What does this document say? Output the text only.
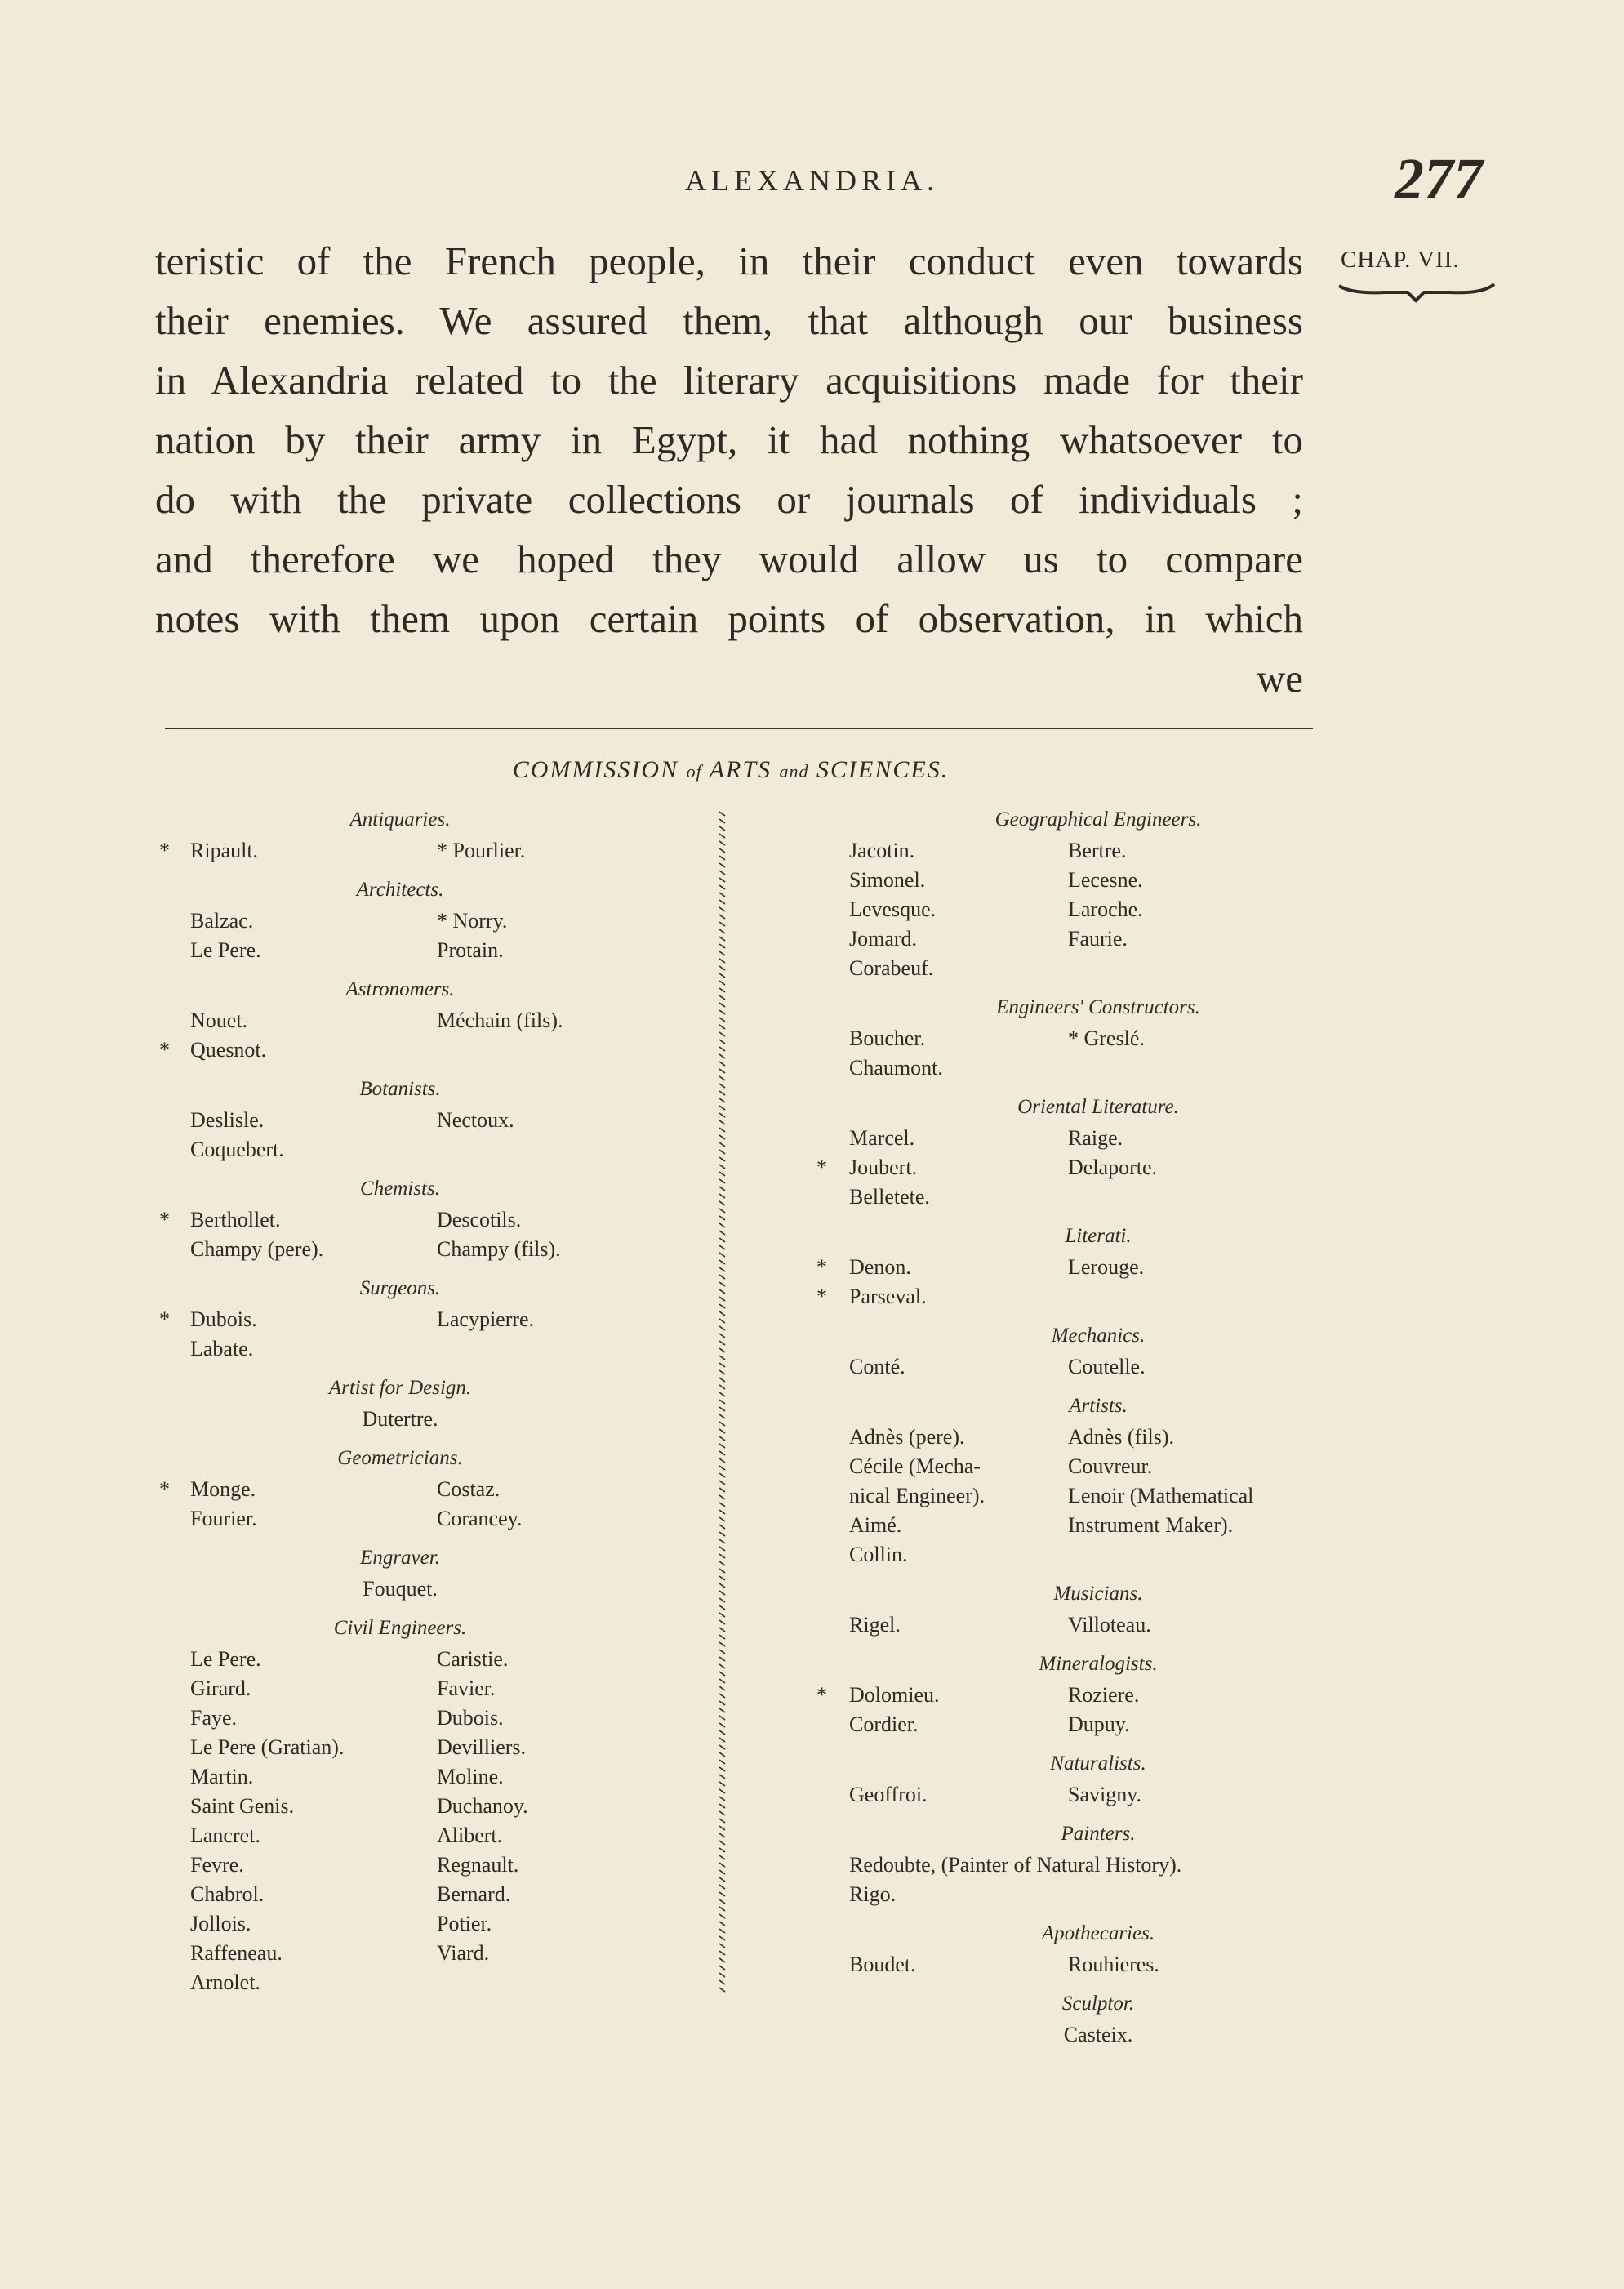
ALEXANDRIA.	277
CHAP. VII.
teristic of the French people, in their conduct even towards
their enemies. We assured them, that although our business
in Alexandria related to the literary acquisitions made for their
nation by their army in Egypt, it had nothing whatsoever to
do with the private collections or journals of individuals ;
and therefore we hoped they would allow us to compare
notes with them upon certain points of observation, in which
we
COMMISSION of ARTS and SCIENCES.
Antiquaries.
* Ripault.	* Pourlier.
Architects.
Balzac.	* Norry.
Le Pere.	Protain.
Astronomers.
Nouet.	Méchain (fils).
* Quesnot.
Botanists.
Deslisle.	Nectoux.
Coquebert.
Chemists.
* Berthollet.	Descotils.
Champy (pere).	Champy (fils).
Surgeons.
* Dubois.	Lacypierre.
Labate.
Artist for Design.
Dutertre.
Geometricians.
* Monge.	Costaz.
Fourier.	Corancey.
Engraver.
Fouquet.
Civil Engineers.
Le Pere.	Caristie.
Girard.	Favier.
Faye.	Dubois.
Le Pere (Gratian).	Devilliers.
Martin.	Moline.
Saint Genis.	Duchanoy.
Lancret.	Alibert.
Fevre.	Regnault.
Chabrol.	Bernard.
Jollois.	Potier.
Raffeneau.	Viard.
Arnolet.
Geographical Engineers.
Jacotin.	Bertre.
Simonel.	Lecesne.
Levesque.	Laroche.
Jomard.	Faurie.
Corabeuf.
Engineers' Constructors.
Boucher.	* Greslé.
Chaumont.
Oriental Literature.
Marcel.	Raige.
* Joubert.	Delaporte.
Belletete.
Literati.
* Denon.	Lerouge.
* Parseval.
Mechanics.
Conté.	Coutelle.
Artists.
Adnès (pere).	Adnès (fils).
Cécile (Mecha-	Couvreur.
nical Engineer).	Lenoir (Mathematical
Aimé.	Instrument Maker).
Collin.
Musicians.
Rigel.	Villoteau.
Mineralogists.
* Dolomieu.	Roziere.
Cordier.	Dupuy.
Naturalists.
Geoffroi.	Savigny.
Painters.
Redoubte, (Painter of Natural History).
Rigo.
Apothecaries.
Boudet.	Rouhieres.
Sculptor.
Casteix.
